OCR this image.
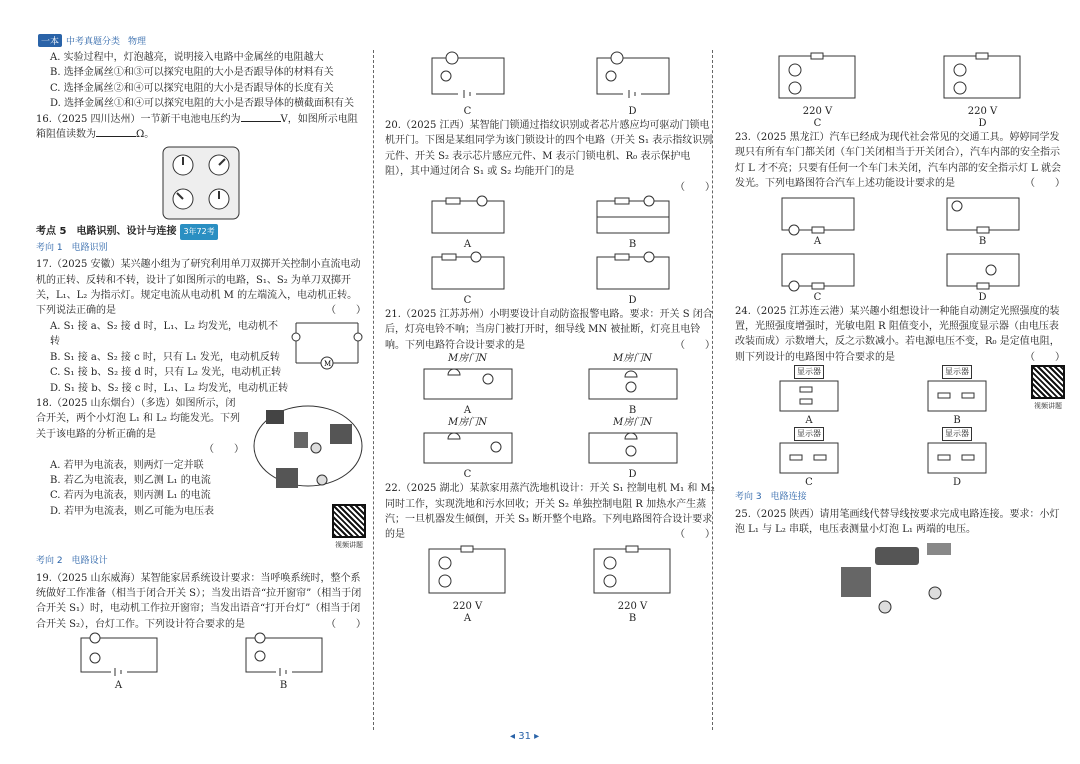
一本 中考真题分类 物理

A. 实验过程中，灯泡越亮，说明接入电路中金属丝的电阻越大

B. 选择金属丝①和③可以探究电阻的大小是否跟导体的材料有关

C. 选择金属丝②和④可以探究电阻的大小是否跟导体的长度有关

D. 选择金属丝①和④可以探究电阻的大小是否跟导体的横截面积有关

16.（2025 四川达州）一节新干电池电压约为	V，如图所示电阻箱阻值读数为	Ω。

考点 5　电路识别、设计与连接 3年72考

考向 1　电路识别

17.（2025 安徽）某兴趣小组为了研究利用单刀双掷开关控制小直流电动机的正转、反转和不转，设计了如图所示的电路，S₁、S₂ 为单刀双掷开关，L₁、L₂ 为指示灯。规定电流从电动机 M 的左端流入，电动机正转。下列说法正确的是	（　　）

M

A. S₁ 接 a、S₂ 接 d 时，L₁、L₂ 均发光，电动机不转

B. S₁ 接 a、S₂ 接 c 时，只有 L₁ 发光，电动机反转

C. S₁ 接 b、S₂ 接 d 时，只有 L₂ 发光，电动机正转

D. S₁ 接 b、S₂ 接 c 时，L₁、L₂ 均发光，电动机正转

18.（2025 山东烟台）（多选）如图所示，闭合开关，两个小灯泡 L₁ 和 L₂ 均能发光。下列关于该电路的分析正确的是

（　　）

A. 若甲为电流表，则两灯一定并联

B. 若乙为电流表，则乙测 L₁ 的电流

C. 若丙为电流表，则丙测 L₁ 的电流

D. 若甲为电流表，则乙可能为电压表

视频讲题

考向 2　电路设计

19.（2025 山东威海）某智能家居系统设计要求：当呼唤系统时，整个系统做好工作准备（相当于闭合开关 S）；当发出语音“拉开窗帘”（相当于闭合开关 S₁）时，电动机工作拉开窗帘；当发出语音“打开台灯”（相当于闭合开关 S₂），台灯工作。下列设计符合要求的是	（　　）

A	B
C	D

20.（2025 江西）某智能门锁通过指纹识别或者芯片感应均可驱动门锁电机开门。下图是某组同学为该门锁设计的四个电路（开关 S₁ 表示指纹识别元件、开关 S₂ 表示芯片感应元件、M 表示门锁电机、R₀ 表示保护电阻），其中通过闭合 S₁ 或 S₂ 均能开门的是

（　　）

A	B
C	D

21.（2025 江苏苏州）小明要设计自动防盗报警电路。要求：开关 S 闭合后，灯亮电铃不响；当房门被打开时，细导线 MN 被扯断，灯亮且电铃响。下列电路符合设计要求的是	（　　）

M房门N
A
M房门N
B
M房门N
C
M房门N
D

22.（2025 湖北）某款家用蒸汽洗地机设计：开关 S₁ 控制电机 M₁ 和 M₂ 同时工作，实现洗地和污水回收；开关 S₂ 单独控制电阻 R 加热水产生蒸汽；一旦机器发生倾倒，开关 S₃ 断开整个电路。下列电路图符合设计要求的是	（　　）

220 V
A
220 V
B
220 V
C
220 V
D

23.（2025 黑龙江）汽车已经成为现代社会常见的交通工具。婷婷同学发现只有所有车门都关闭（车门关闭相当于开关闭合），汽车内部的安全指示灯 L 才不亮；只要有任何一个车门未关闭，汽车内部的安全指示灯 L 就会发光。下列电路图符合汽车上述功能设计要求的是	（　　）

A	B
C	D

24.（2025 江苏连云港）某兴趣小组想设计一种能自动测定光照强度的装置，光照强度增强时，光敏电阻 R 阻值变小，光照强度显示器（由电压表改装而成）示数增大，反之示数减小。若电源电压不变，R₀ 是定值电阻，则下列设计的电路图中符合要求的是	（　　）

显示器
A
显示器
B
显示器
C
显示器
D
视频讲题

考向 3　电路连接

25.（2025 陕西）请用笔画线代替导线按要求完成电路连接。要求：小灯泡 L₁ 与 L₂ 串联，电压表测量小灯泡 L₁ 两端的电压。

◂ 31 ▸
